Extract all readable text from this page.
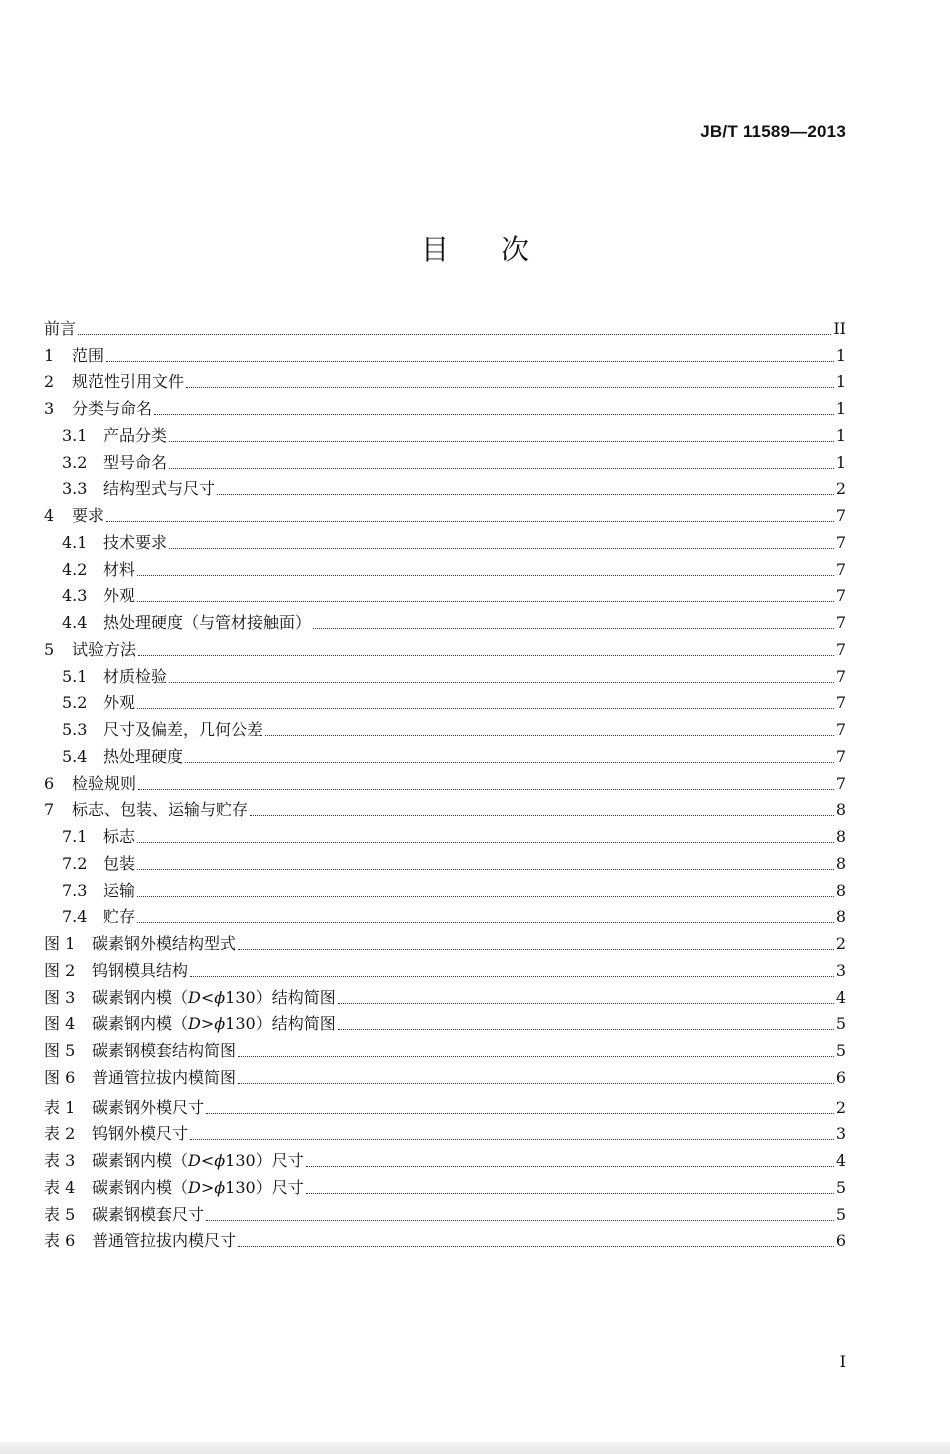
JB/T 11589—2013
目次
前言	II
1	范围	1
2	规范性引用文件	1
3	分类与命名	1
3.1 产品分类	1
3.2 型号命名	1
3.3 结构型式与尺寸	2
4	要求	7
4.1 技术要求	7
4.2 材料	7
4.3 外观	7
4.4 热处理硬度（与管材接触面）	7
5	试验方法	7
5.1 材质检验	7
5.2 外观	7
5.3 尺寸及偏差，几何公差	7
5.4 热处理硬度	7
6	检验规则	7
7	标志、包装、运输与贮存	8
7.1 标志	8
7.2 包装	8
7.3 运输	8
7.4 贮存	8
图 1	碳素钢外模结构型式	2
图 2	钨钢模具结构	3
图 3	碳素钢内模（D<ϕ130）结构简图	4
图 4	碳素钢内模（D>ϕ130）结构简图	5
图 5	碳素钢模套结构简图	5
图 6	普通管拉拔内模简图	6
表 1	碳素钢外模尺寸	2
表 2	钨钢外模尺寸	3
表 3	碳素钢内模（D<ϕ130）尺寸	4
表 4	碳素钢内模（D>ϕ130）尺寸	5
表 5	碳素钢模套尺寸	5
表 6	普通管拉拔内模尺寸	6
I
